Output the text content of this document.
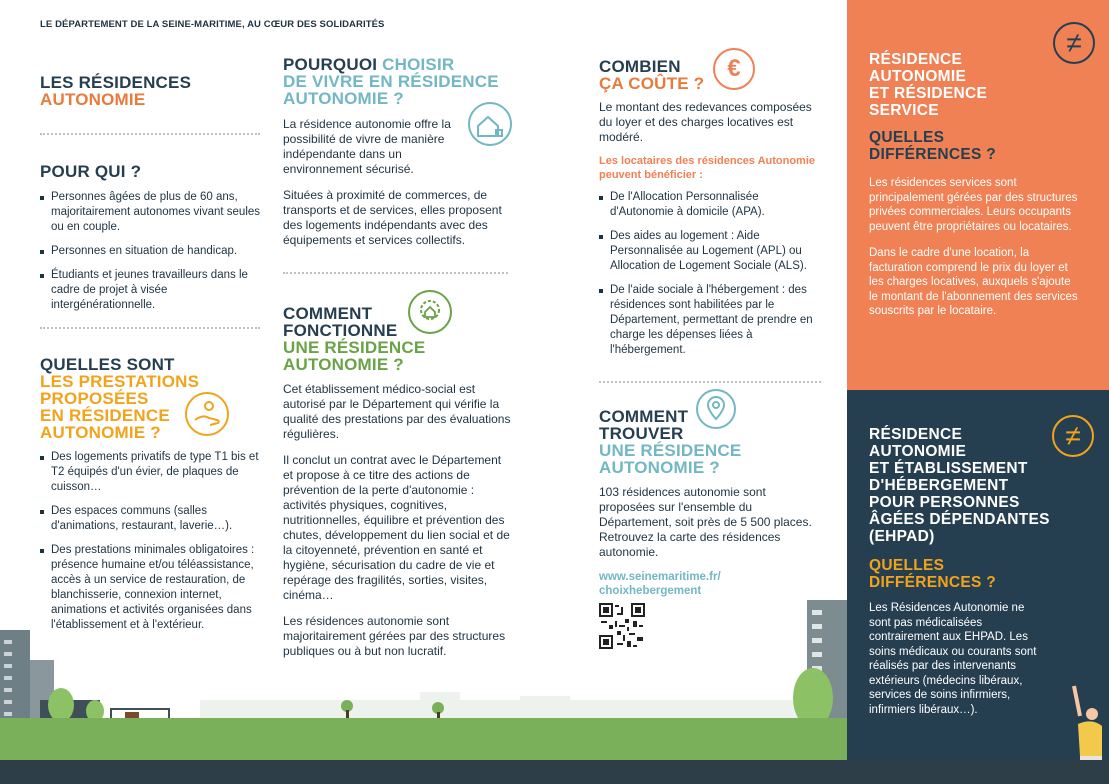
LE DÉPARTEMENT DE LA SEINE-MARITIME, AU CŒUR DES SOLIDARITÉS
LES RÉSIDENCES
AUTONOMIE
POUR QUI ?
Personnes âgées de plus de 60 ans, majoritairement autonomes vivant seules ou en couple.
Personnes en situation de handicap.
Étudiants et jeunes travailleurs dans le cadre de projet à visée intergénérationnelle.
QUELLES SONT
LES PRESTATIONS
PROPOSÉES
EN RÉSIDENCE
AUTONOMIE ?
Des logements privatifs de type T1 bis et T2 équipés d'un évier, de plaques de cuisson…
Des espaces communs (salles d'animations, restaurant, laverie…).
Des prestations minimales obligatoires : présence humaine et/ou téléassistance, accès à un service de restauration, de blanchisserie, connexion internet, animations et activités organisées dans l'établissement et à l'extérieur.
POURQUOI CHOISIR
DE VIVRE EN RÉSIDENCE
AUTONOMIE ?
La résidence autonomie offre la possibilité de vivre de manière indépendante dans un environnement sécurisé.
Situées à proximité de commerces, de transports et de services, elles proposent des logements indépendants avec des équipements et services collectifs.
COMMENT
FONCTIONNE
UNE RÉSIDENCE
AUTONOMIE ?
Cet établissement médico-social est autorisé par le Département qui vérifie la qualité des prestations par des évaluations régulières.
Il conclut un contrat avec le Département et propose à ce titre des actions de prévention de la perte d'autonomie : activités physiques, cognitives, nutritionnelles, équilibre et prévention des chutes, développement du lien social et de la citoyenneté, prévention en santé et hygiène, sécurisation du cadre de vie et repérage des fragilités, sorties, visites, cinéma…
Les résidences autonomie sont majoritairement gérées par des structures publiques ou à but non lucratif.
COMBIEN
ÇA COÛTE ?
€
Le montant des redevances composées du loyer et des charges locatives est modéré.
Les locataires des résidences Autonomie peuvent bénéficier :
De l'Allocation Personnalisée d'Autonomie à domicile (APA).
Des aides au logement : Aide Personnalisée au Logement (APL) ou Allocation de Logement Sociale (ALS).
De l'aide sociale à l'hébergement : des résidences sont habilitées par le Département, permettant de prendre en charge les dépenses liées à l'hébergement.
COMMENT
TROUVER
UNE RÉSIDENCE
AUTONOMIE ?
103 résidences autonomie sont proposées sur l'ensemble du Département, soit près de 5 500 places. Retrouvez la carte des résidences autonomie.
www.seinemaritime.fr/
choixhebergement
≠
RÉSIDENCE
AUTONOMIE
ET RÉSIDENCE
SERVICE
QUELLES
DIFFÉRENCES ?
Les résidences services sont principalement gérées par des structures privées commerciales. Leurs occupants peuvent être propriétaires ou locataires.
Dans le cadre d'une location, la facturation comprend le prix du loyer et les charges locatives, auxquels s'ajoute le montant de l'abonnement des services souscrits par le locataire.
≠
RÉSIDENCE
AUTONOMIE
ET ÉTABLISSEMENT
D'HÉBERGEMENT
POUR PERSONNES
ÂGÉES DÉPENDANTES
(EHPAD)
QUELLES
DIFFÉRENCES ?
Les Résidences Autonomie ne sont pas médicalisées contrairement aux EHPAD. Les soins médicaux ou courants sont réalisés par des intervenants extérieurs (médecins libéraux, services de soins infirmiers, infirmiers libéraux…).
